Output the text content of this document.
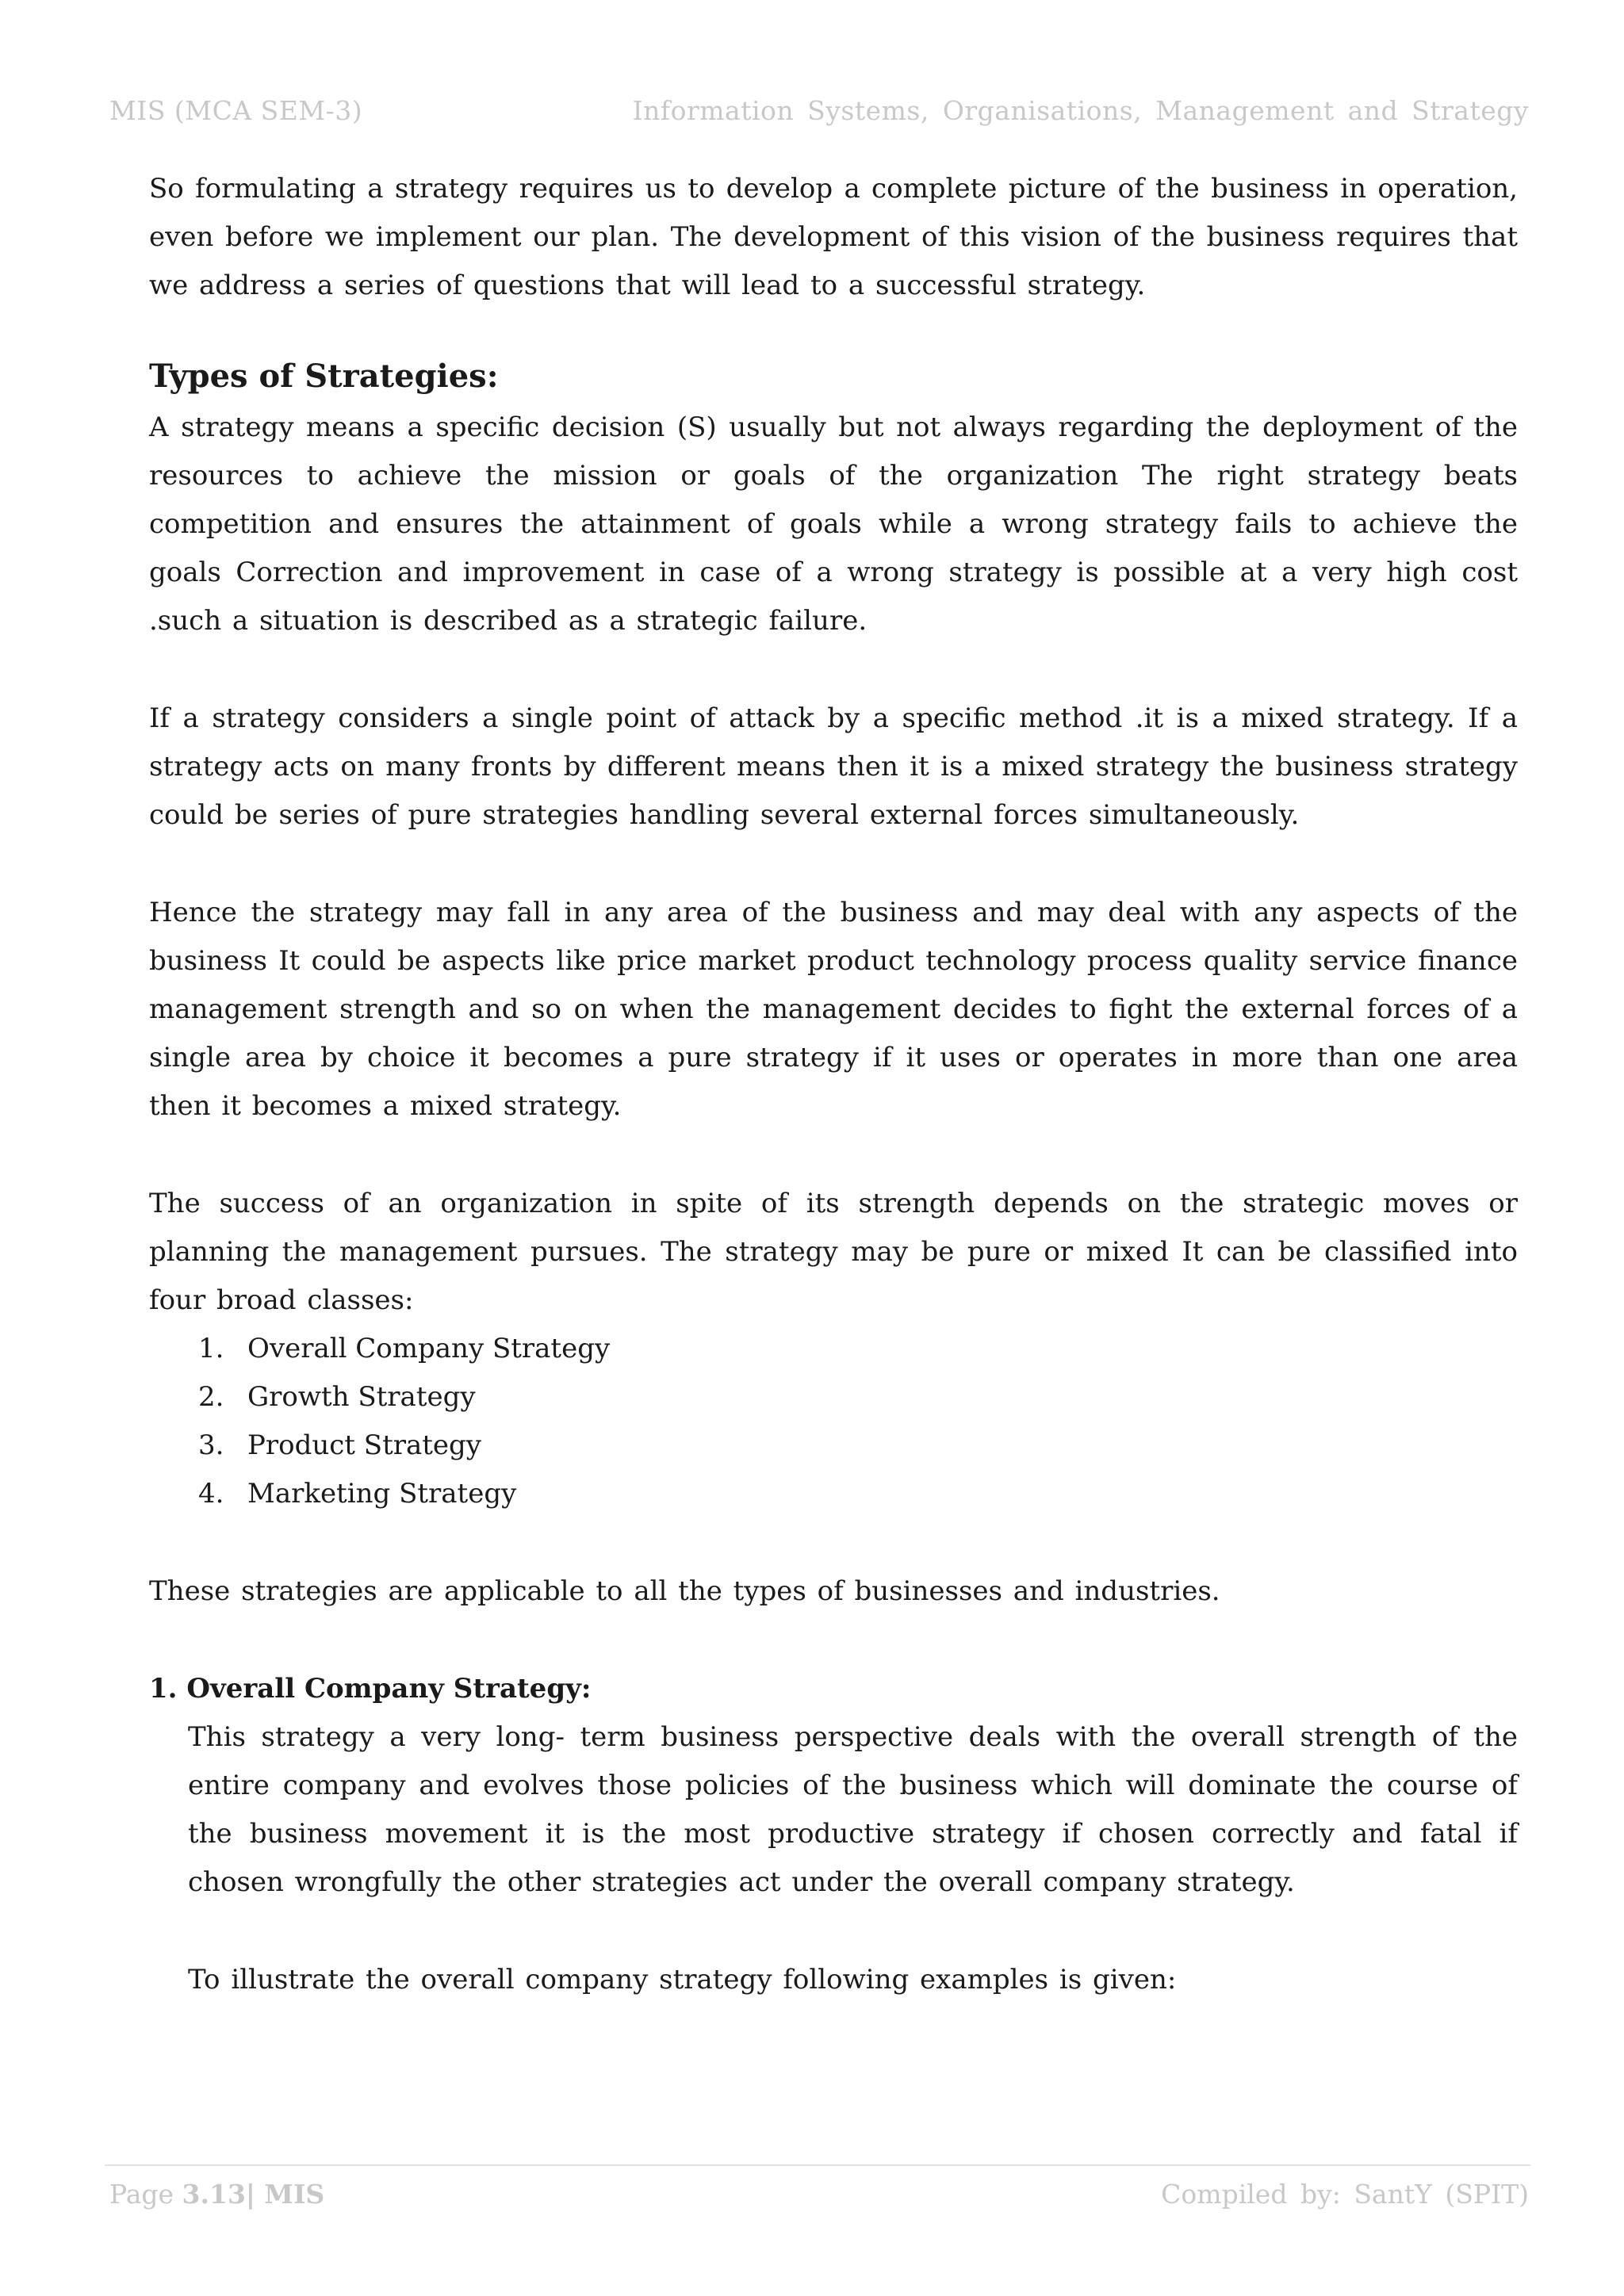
MIS (MCA SEM-3)	Information Systems, Organisations, Management and Strategy

So formulating a strategy requires us to develop a complete picture of the business in operation, even before we implement our plan. The development of this vision of the business requires that we address a series of questions that will lead to a successful strategy.

Types of Strategies:

A strategy means a specific decision (S) usually but not always regarding the deployment of the resources to achieve the mission or goals of the organization The right strategy beats competition and ensures the attainment of goals while a wrong strategy fails to achieve the goals Correction and improvement in case of a wrong strategy is possible at a very high cost .such a situation is described as a strategic failure.

If a strategy considers a single point of attack by a specific method .it is a mixed strategy. If a strategy acts on many fronts by different means then it is a mixed strategy the business strategy could be series of pure strategies handling several external forces simultaneously.

Hence the strategy may fall in any area of the business and may deal with any aspects of the business It could be aspects like price market product technology process quality service finance management strength and so on when the management decides to fight the external forces of a single area by choice it becomes a pure strategy if it uses or operates in more than one area then it becomes a mixed strategy.

The success of an organization in spite of its strength depends on the strategic moves or planning the management pursues. The strategy may be pure or mixed It can be classified into four broad classes:

1. Overall Company Strategy
2. Growth Strategy
3. Product Strategy
4. Marketing Strategy

These strategies are applicable to all the types of businesses and industries.

1. Overall Company Strategy:

This strategy a very long- term business perspective deals with the overall strength of the entire company and evolves those policies of the business which will dominate the course of the business movement it is the most productive strategy if chosen correctly and fatal if chosen wrongfully the other strategies act under the overall company strategy.

To illustrate the overall company strategy following examples is given:

Page 3.13| MIS	Compiled by: SantY (SPIT)
